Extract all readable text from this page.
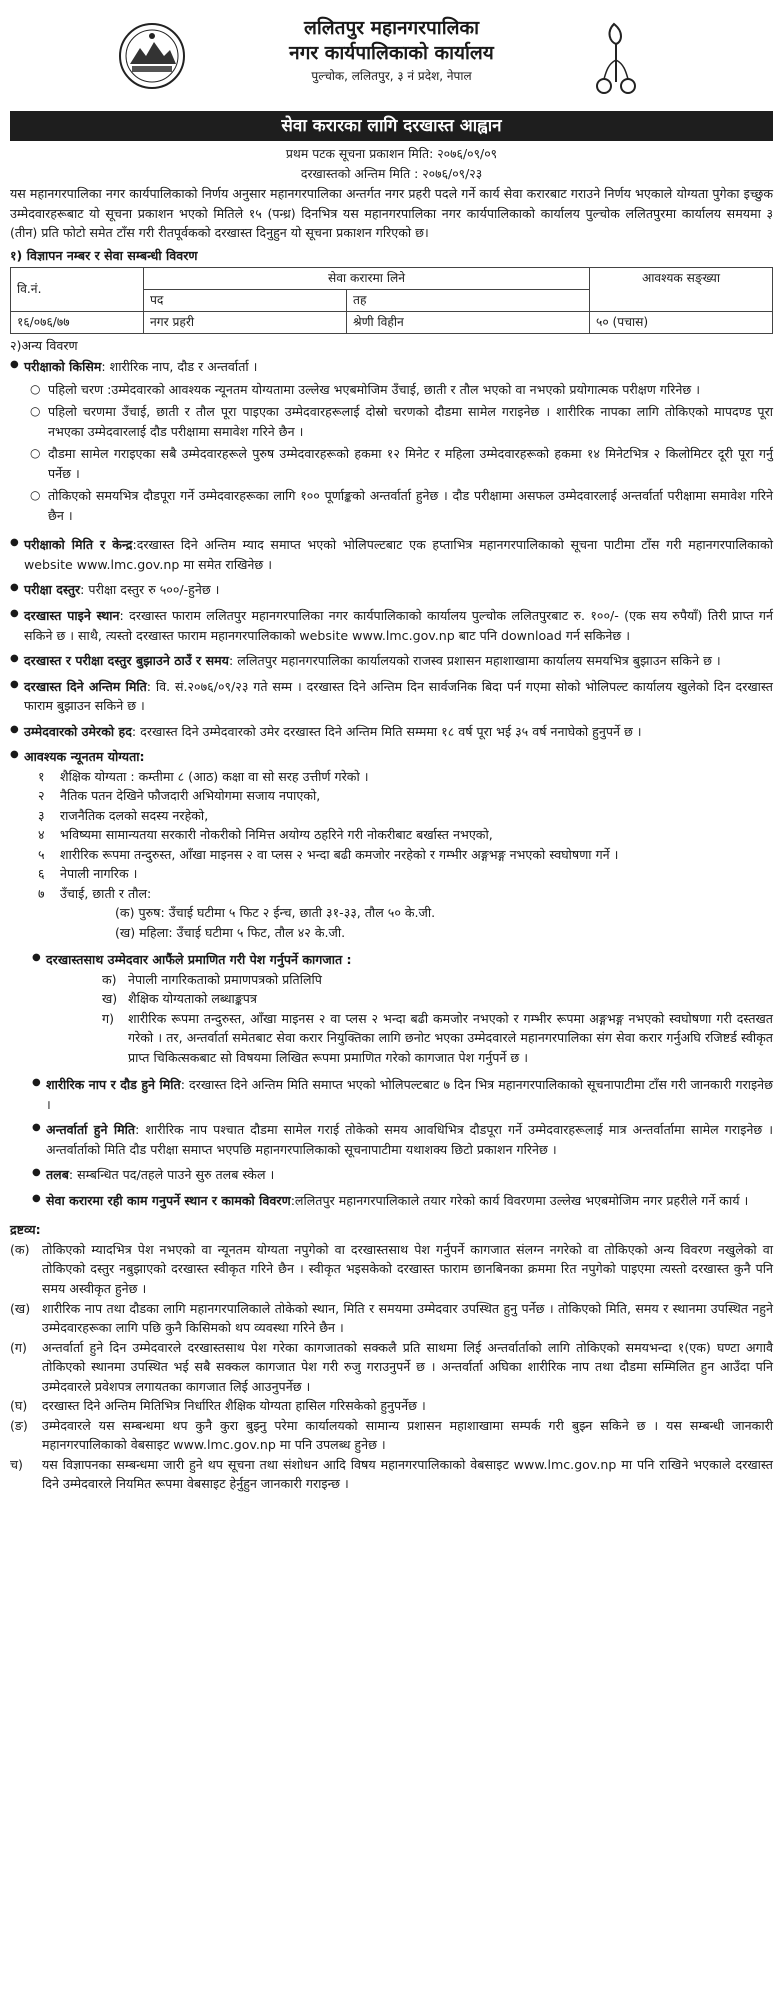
ललितपुर महानगरपालिका
नगर कार्यपालिकाको कार्यालय
पुल्चोक, ललितपुर, ३ नं प्रदेश, नेपाल
सेवा करारका लागि दरखास्त आह्वान
प्रथम पटक सूचना प्रकाशन मिति: २०७६/०९/०९
दरखास्तको अन्तिम मिति : २०७६/०९/२३

यस महानगरपालिका नगर कार्यपालिकाको निर्णय अनुसार महानगरपालिका अन्तर्गत नगर प्रहरी पदले गर्ने कार्य सेवा करारबाट गराउने निर्णय भएकाले योग्यता पुगेका इच्छुक उम्मेदवारहरूबाट यो सूचना प्रकाशन भएको मितिले १५ (पन्ध्र) दिनभित्र यस महानगरपालिका नगर कार्यपालिकाको कार्यालय पुल्चोक ललितपुरमा कार्यालय समयमा ३ (तीन) प्रति फोटो समेत टाँस गरी रीतपूर्वकको दरखास्त दिनुहुन यो सूचना प्रकाशन गरिएको छ।

१) विज्ञापन नम्बर र सेवा सम्बन्धी विवरण
वि.नं.	सेवा करारमा लिने		आवश्यक सङ्ख्या
	पद	तह	
१६/०७६/७७	नगर प्रहरी	श्रेणी विहीन	५० (पचास)
२)अन्य विवरण

● परीक्षाको किसिम: शारीरिक नाप, दौड र अन्तर्वार्ता ।

○ पहिलो चरण :उम्मेदवारको आवश्यक न्यूनतम योग्यतामा उल्लेख भएबमोजिम उँचाई, छाती र तौल भएको वा नभएको प्रयोगात्मक परीक्षण गरिनेछ ।

○ पहिलो चरणमा उँचाई, छाती र तौल पूरा पाइएका उम्मेदवारहरूलाई दोस्रो चरणको दौडमा सामेल गराइनेछ । शारीरिक नापका लागि तोकिएको मापदण्ड पूरा नभएका उम्मेदवारलाई दौड परीक्षामा समावेश गरिने छैन ।

○ दौडमा सामेल गराइएका सबै उम्मेदवारहरूले पुरुष उम्मेदवारहरूको हकमा १२ मिनेट र महिला उम्मेदवारहरूको हकमा १४ मिनेटभित्र २ किलोमिटर दूरी पूरा गर्नु पर्नेछ ।

○ तोकिएको समयभित्र दौडपूरा गर्ने उम्मेदवारहरूका लागि १०० पूर्णाङ्कको अन्तर्वार्ता हुनेछ । दौड परीक्षामा असफल उम्मेदवारलाई अन्तर्वार्ता परीक्षामा समावेश गरिने छैन ।

● परीक्षाको मिति र केन्द्र:दरखास्त दिने अन्तिम म्याद समाप्त भएको भोलिपल्टबाट एक हप्ताभित्र महानगरपालिकाको सूचना पाटीमा टाँस गरी महानगरपालिकाको website www.lmc.gov.np मा समेत राखिनेछ ।

● परीक्षा दस्तुर: परीक्षा दस्तुर रु ५००/-हुनेछ ।

● दरखास्त पाइने स्थान: दरखास्त फाराम ललितपुर महानगरपालिका नगर कार्यपालिकाको कार्यालय पुल्चोक ललितपुरबाट रु. १००/- (एक सय रुपैयाँ) तिरी प्राप्त गर्न सकिने छ । साथै, त्यस्तो दरखास्त फाराम महानगरपालिकाको website www.lmc.gov.np बाट पनि download गर्न सकिनेछ ।

● दरखास्त र परीक्षा दस्तुर बुझाउने ठाउँ र समय: ललितपुर महानगरपालिका कार्यालयको राजस्व प्रशासन महाशाखामा कार्यालय समयभित्र बुझाउन सकिने छ ।

● दरखास्त दिने अन्तिम मिति: वि. सं.२०७६/०९/२३ गते सम्म । दरखास्त दिने अन्तिम दिन सार्वजनिक बिदा पर्न गएमा सोको भोलिपल्ट कार्यालय खुलेको दिन दरखास्त फाराम बुझाउन सकिने छ ।

● उम्मेदवारको उमेरको हद: दरखास्त दिने उम्मेदवारको उमेर दरखास्त दिने अन्तिम मिति सम्ममा १८ वर्ष पूरा भई ३५ वर्ष ननाघेको हुनुपर्ने छ ।

● आवश्यक न्यूनतम योग्यता:

१ शैक्षिक योग्यता : कम्तीमा ८ (आठ) कक्षा वा सो सरह उत्तीर्ण गरेको ।

२ नैतिक पतन देखिने फौजदारी अभियोगमा सजाय नपाएको,

३ राजनैतिक दलको सदस्य नरहेको,

४ भविष्यमा सामान्यतया सरकारी नोकरीको निमित्त अयोग्य ठहरिने गरी नोकरीबाट बर्खास्त नभएको,

५ शारीरिक रूपमा तन्दुरुस्त, आँखा माइनस २ वा प्लस २ भन्दा बढी कमजोर नरहेको र गम्भीर अङ्गभङ्ग नभएको स्वघोषणा गर्ने ।

६ नेपाली नागरिक ।

७ उँचाई, छाती र तौल:

(क) पुरुष: उँचाई घटीमा ५ फिट २ ईन्च, छाती ३१-३३, तौल ५० के.जी.

(ख) महिला: उँचाई घटीमा ५ फिट, तौल ४२ के.जी.

● दरखास्तसाथ उम्मेदवार आफैंले प्रमाणित गरी पेश गर्नुपर्ने कागजात :

क) नेपाली नागरिकताको प्रमाणपत्रको प्रतिलिपि

ख) शैक्षिक योग्यताको लब्धाङ्कपत्र

ग) शारीरिक रूपमा तन्दुरुस्त, आँखा माइनस २ वा प्लस २ भन्दा बढी कमजोर नभएको र गम्भीर रूपमा अङ्गभङ्ग नभएको स्वघोषणा गरी दस्तखत गरेको । तर, अन्तर्वार्ता समेतबाट सेवा करार नियुक्तिका लागि छनोट भएका उम्मेदवारले महानगरपालिका संग सेवा करार गर्नुअघि रजिष्टर्ड स्वीकृत प्राप्त चिकित्सकबाट सो विषयमा लिखित रूपमा प्रमाणित गरेको कागजात पेश गर्नुपर्ने छ ।

● शारीरिक नाप र दौड हुने मिति: दरखास्त दिने अन्तिम मिति समाप्त भएको भोलिपल्टबाट ७ दिन भित्र महानगरपालिकाको सूचनापाटीमा टाँस गरी जानकारी गराइनेछ ।

● अन्तर्वार्ता हुने मिति: शारीरिक नाप पश्चात दौडमा सामेल गराई तोकेको समय आवधिभित्र दौडपूरा गर्ने उम्मेदवारहरूलाई मात्र अन्तर्वार्तामा सामेल गराइनेछ । अन्तर्वार्ताको मिति दौड परीक्षा समाप्त भएपछि महानगरपालिकाको सूचनापाटीमा यथाशक्य छिटो प्रकाशन गरिनेछ ।

● तलब: सम्बन्धित पद/तहले पाउने सुरु तलब स्केल ।

● सेवा करारमा रही काम गनुपर्ने स्थान र कामको विवरण:ललितपुर महानगरपालिकाले तयार गरेको कार्य विवरणमा उल्लेख भएबमोजिम नगर प्रहरीले गर्ने कार्य ।

द्रष्टव्य:

(क) तोकिएको म्यादभित्र पेश नभएको वा न्यूनतम योग्यता नपुगेको वा दरखास्तसाथ पेश गर्नुपर्ने कागजात संलग्न नगरेको वा तोकिएको अन्य विवरण नखुलेको वा तोकिएको दस्तुर नबुझाएको दरखास्त स्वीकृत गरिने छैन । स्वीकृत भइसकेको दरखास्त फाराम छानबिनका क्रममा रित नपुगेको पाइएमा त्यस्तो दरखास्त कुनै पनि समय अस्वीकृत हुनेछ ।

(ख) शारीरिक नाप तथा दौडका लागि महानगरपालिकाले तोकेको स्थान, मिति र समयमा उम्मेदवार उपस्थित हुनु पर्नेछ । तोकिएको मिति, समय र स्थानमा उपस्थित नहुने उम्मेदवारहरूका लागि पछि कुनै किसिमको थप व्यवस्था गरिने छैन ।

(ग) अन्तर्वार्ता हुने दिन उम्मेदवारले दरखास्तसाथ पेश गरेका कागजातको सक्कलै प्रति साथमा लिई अन्तर्वार्ताको लागि तोकिएको समयभन्दा १(एक) घण्टा अगावै तोकिएको स्थानमा उपस्थित भई सबै सक्कल कागजात पेश गरी रुजु गराउनुपर्ने छ । अन्तर्वार्ता अघिका शारीरिक नाप तथा दौडमा सम्मिलित हुन आउँदा पनि उम्मेदवारले प्रवेशपत्र लगायतका कागजात लिई आउनुपर्नेछ ।

(घ) दरखास्त दिने अन्तिम मितिभित्र निर्धारित शैक्षिक योग्यता हासिल गरिसकेको हुनुपर्नेछ ।

(ङ) उम्मेदवारले यस सम्बन्धमा थप कुनै कुरा बुझ्नु परेमा कार्यालयको सामान्य प्रशासन महाशाखामा सम्पर्क गरी बुझ्न सकिने छ । यस सम्बन्धी जानकारी महानगरपालिकाको वेबसाइट www.lmc.gov.np मा पनि उपलब्ध हुनेछ ।

च) यस विज्ञापनका सम्बन्धमा जारी हुने थप सूचना तथा संशोधन आदि विषय महानगरपालिकाको वेबसाइट www.lmc.gov.np मा पनि राखिने भएकाले दरखास्त दिने उम्मेदवारले नियमित रूपमा वेबसाइट हेर्नुहुन जानकारी गराइन्छ ।
